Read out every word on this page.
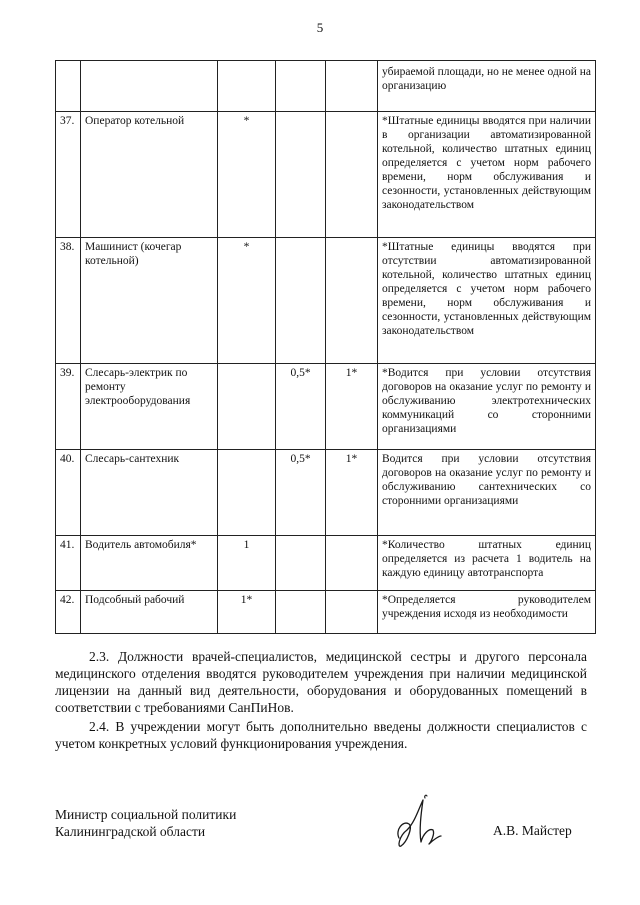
5
					убираемой площади, но не менее одной на организацию
37.	Оператор котельной	*			*Штатные единицы вводятся при наличии в организации автоматизированной котельной, количество штатных единиц определяется с учетом норм рабочего времени, норм обслуживания и сезонности, установленных действующим законодательством
38.	Машинист (кочегар котельной)	*			*Штатные единицы вводятся при отсутствии автоматизированной котельной, количество штатных единиц определяется с учетом норм рабочего времени, норм обслуживания и сезонности, установленных действующим законодательством
39.	Слесарь-электрик по ремонту электрооборудования		0,5*	1*	*Водится при условии отсутствия договоров на оказание услуг по ремонту и обслуживанию электротехнических коммуникаций со сторонними организациями
40.	Слесарь-сантехник		0,5*	1*	Водится при условии отсутствия договоров на оказание услуг по ремонту и обслуживанию сантехнических со сторонними организациями
41.	Водитель автомобиля*	1			*Количество штатных единиц определяется из расчета 1 водитель на каждую единицу автотранспорта
42.	Подсобный рабочий	1*			*Определяется руководителем учреждения исходя из необходимости
2.3. Должности врачей-специалистов, медицинской сестры и другого персонала медицинского отделения вводятся руководителем учреждения при наличии медицинской лицензии на данный вид деятельности, оборудования и оборудованных помещений в соответствии с требованиями СанПиНов.
2.4. В учреждении могут быть дополнительно введены должности специалистов с учетом конкретных условий функционирования учреждения.
Министр социальной политики
Калининградской области	А.В. Майстер
